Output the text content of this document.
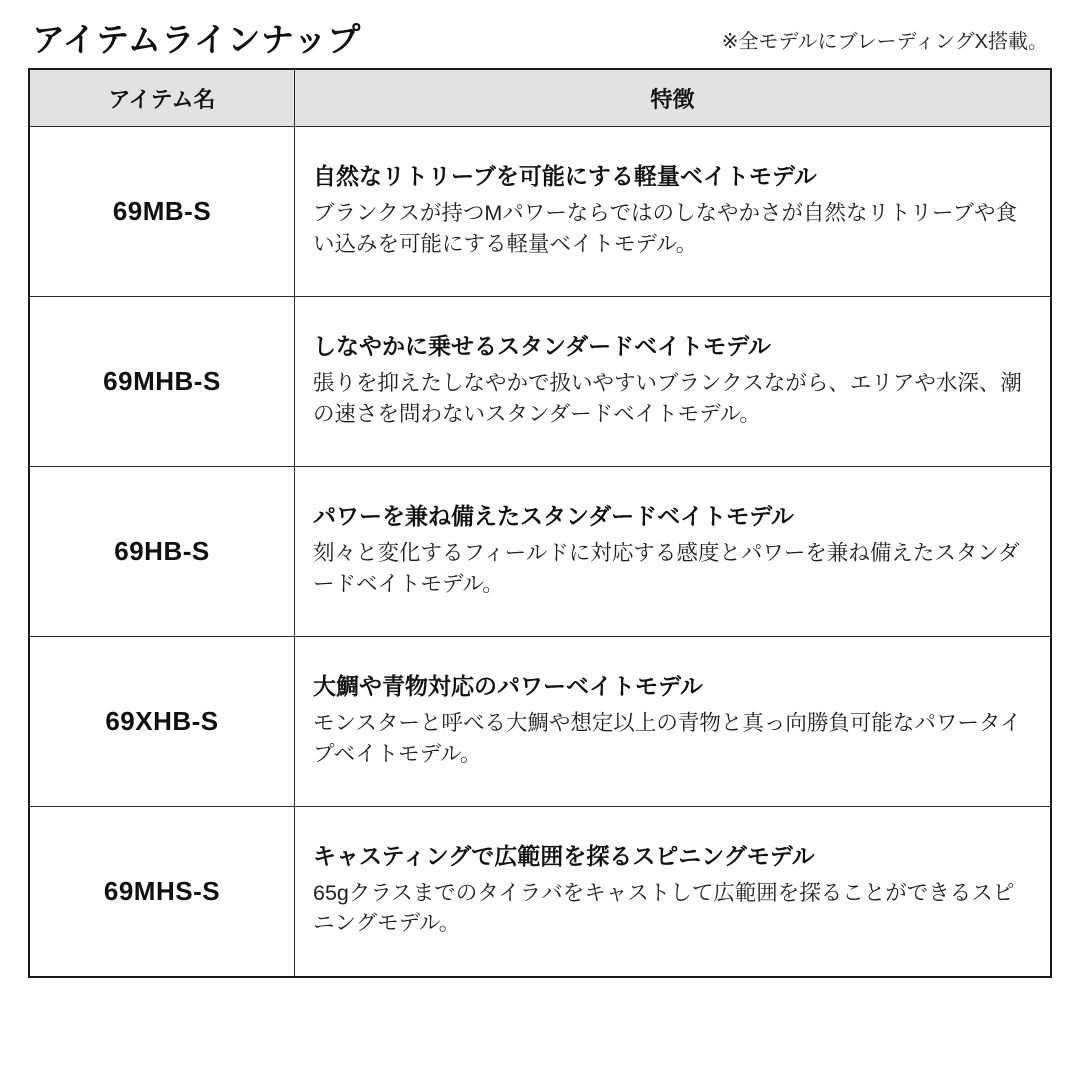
アイテムラインナップ	※全モデルにブレーディングX搭載。
アイテム名	特徴
69MB-S	自然なリトリーブを可能にする軽量ベイトモデル
ブランクスが持つMパワーならではのしなやかさが自然なリトリーブや食い込みを可能にする軽量ベイトモデル。

69MHB-S	しなやかに乗せるスタンダードベイトモデル
張りを抑えたしなやかで扱いやすいブランクスながら、エリアや水深、潮の速さを問わないスタンダードベイトモデル。

69HB-S	パワーを兼ね備えたスタンダードベイトモデル
刻々と変化するフィールドに対応する感度とパワーを兼ね備えたスタンダードベイトモデル。

69XHB-S	大鯛や青物対応のパワーベイトモデル
モンスターと呼べる大鯛や想定以上の青物と真っ向勝負可能なパワータイプベイトモデル。

69MHS-S	キャスティングで広範囲を探るスピニングモデル
65gクラスまでのタイラバをキャストして広範囲を探ることができるスピニングモデル。
